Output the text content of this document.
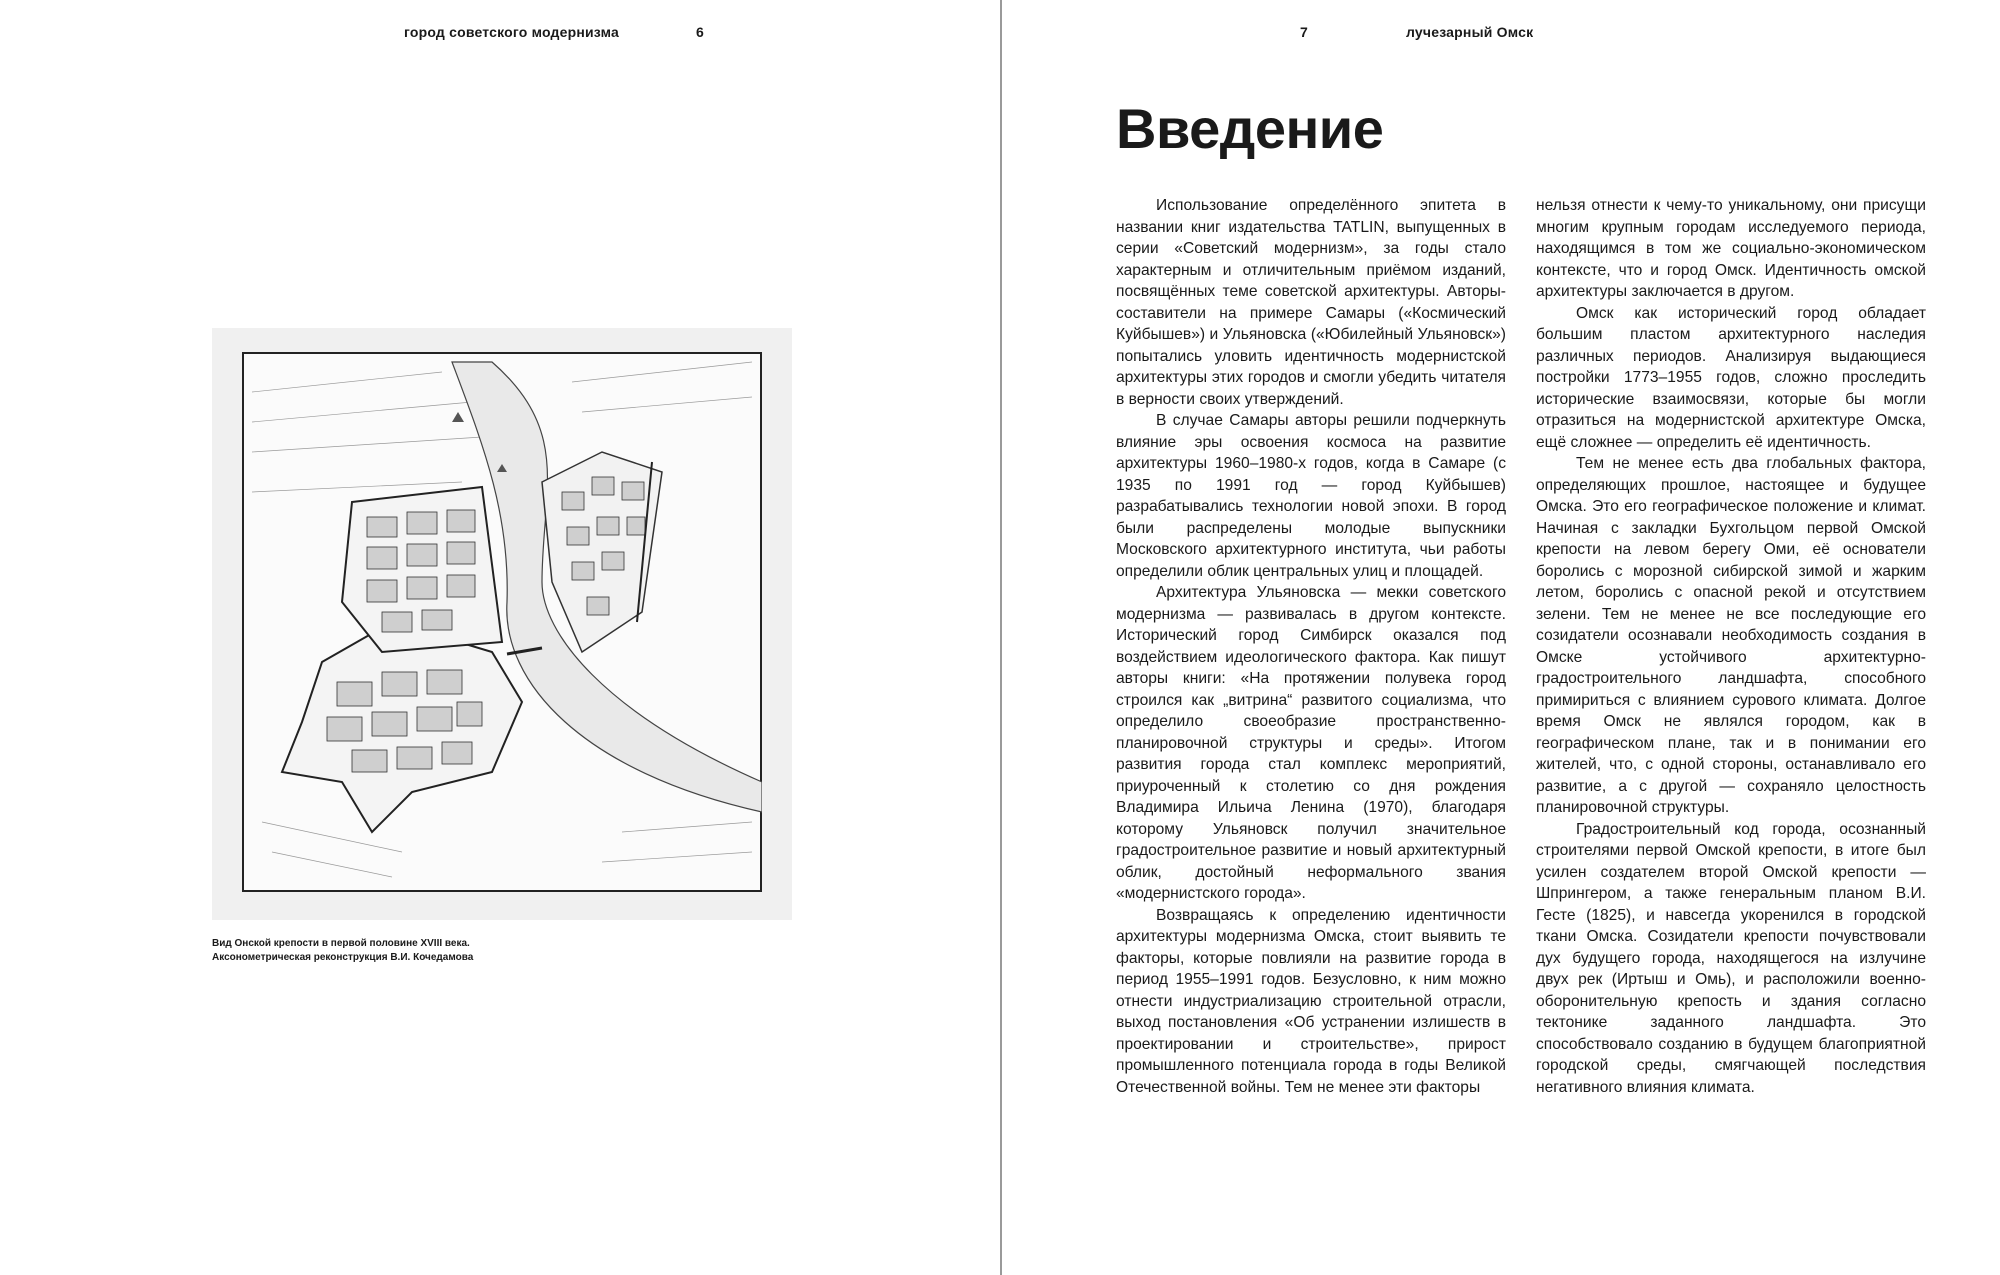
город советского модернизма	6
Вид Онской крепости в первой половине XVIII века.
Аксонометрическая реконструкция В.И. Кочедамова
7	лучезарный Омск
Введение

Использование определённого эпитета в названии книг издательства TATLIN, выпущенных в серии «Советский модернизм», за годы стало характерным и отличительным приёмом изданий, посвящённых теме советской архитектуры. Авторы-составители на примере Самары («Космический Куйбышев») и Ульяновска («Юбилейный Ульяновск») попытались уловить идентичность модернистской архитектуры этих городов и смогли убедить читателя в верности своих утверждений.

В случае Самары авторы решили подчеркнуть влияние эры освоения космоса на развитие архитектуры 1960–1980-х годов, когда в Самаре (с 1935 по 1991 год — город Куйбышев) разрабатывались технологии новой эпохи. В город были распределены молодые выпускники Московского архитектурного института, чьи работы определили облик центральных улиц и площадей.

Архитектура Ульяновска — мекки советского модернизма — развивалась в другом контексте. Исторический город Симбирск оказался под воздействием идеологического фактора. Как пишут авторы книги: «На протяжении полувека город строился как „витрина“ развитого социализма, что определило своеобразие пространственно-планировочной структуры и среды». Итогом развития города стал комплекс мероприятий, приуроченный к столетию со дня рождения Владимира Ильича Ленина (1970), благодаря которому Ульяновск получил значительное градостроительное развитие и новый архитектурный облик, достойный неформального звания «модернистского города».

Возвращаясь к определению идентичности архитектуры модернизма Омска, стоит выявить те факторы, которые повлияли на развитие города в период 1955–1991 годов. Безусловно, к ним можно отнести индустриализацию строительной отрасли, выход постановления «Об устранении излишеств в проектировании и строительстве», прирост промышленного потенциала города в годы Великой Отечественной войны. Тем не менее эти факторы

нельзя отнести к чему-то уникальному, они присущи многим крупным городам исследуемого периода, находящимся в том же социально-экономическом контексте, что и город Омск. Идентичность омской архитектуры заключается в другом.

Омск как исторический город обладает большим пластом архитектурного наследия различных периодов. Анализируя выдающиеся постройки 1773–1955 годов, сложно проследить исторические взаимосвязи, которые бы могли отразиться на модернистской архитектуре Омска, ещё сложнее — определить её идентичность.

Тем не менее есть два глобальных фактора, определяющих прошлое, настоящее и будущее Омска. Это его географическое положение и климат. Начиная с закладки Бухгольцом первой Омской крепости на левом берегу Оми, её основатели боролись с морозной сибирской зимой и жарким летом, боролись с опасной рекой и отсутствием зелени. Тем не менее не все последующие его созидатели осознавали необходимость создания в Омске устойчивого архитектурно-градостроительного ландшафта, способного примириться с влиянием сурового климата. Долгое время Омск не являлся городом, как в географическом плане, так и в понимании его жителей, что, с одной стороны, останавливало его развитие, а с другой — сохраняло целостность планировочной структуры.

Градостроительный код города, осознанный строителями первой Омской крепости, в итоге был усилен создателем второй Омской крепости — Шпрингером, а также генеральным планом В.И. Гесте (1825), и навсегда укоренился в городской ткани Омска. Созидатели крепости почувствовали дух будущего города, находящегося на излучине двух рек (Иртыш и Омь), и расположили военно-оборонительную крепость и здания согласно тектонике заданного ландшафта. Это способствовало созданию в будущем благоприятной городской среды, смягчающей последствия негативного влияния климата.
